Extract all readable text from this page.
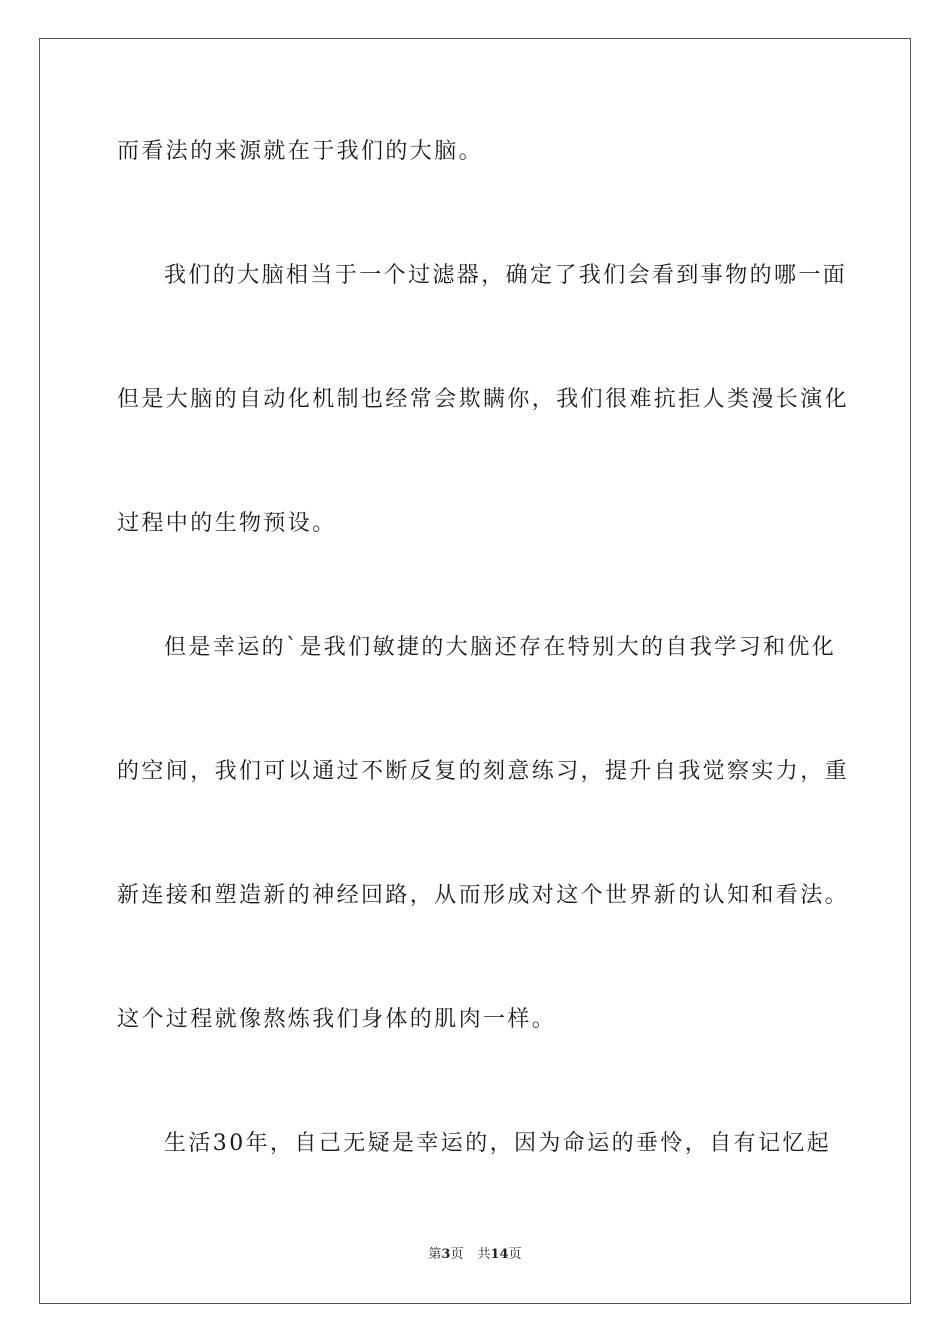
而看法的来源就在于我们的大脑。
我们的大脑相当于一个过滤器，确定了我们会看到事物的哪一面
但是大脑的自动化机制也经常会欺瞒你，我们很难抗拒人类漫长演化
过程中的生物预设。
但是幸运的`是我们敏捷的大脑还存在特别大的自我学习和优化
的空间，我们可以通过不断反复的刻意练习，提升自我觉察实力，重
新连接和塑造新的神经回路，从而形成对这个世界新的认知和看法。
这个过程就像熬炼我们身体的肌肉一样。
生活30年，自己无疑是幸运的，因为命运的垂怜，自有记忆起
第3页 共14页
